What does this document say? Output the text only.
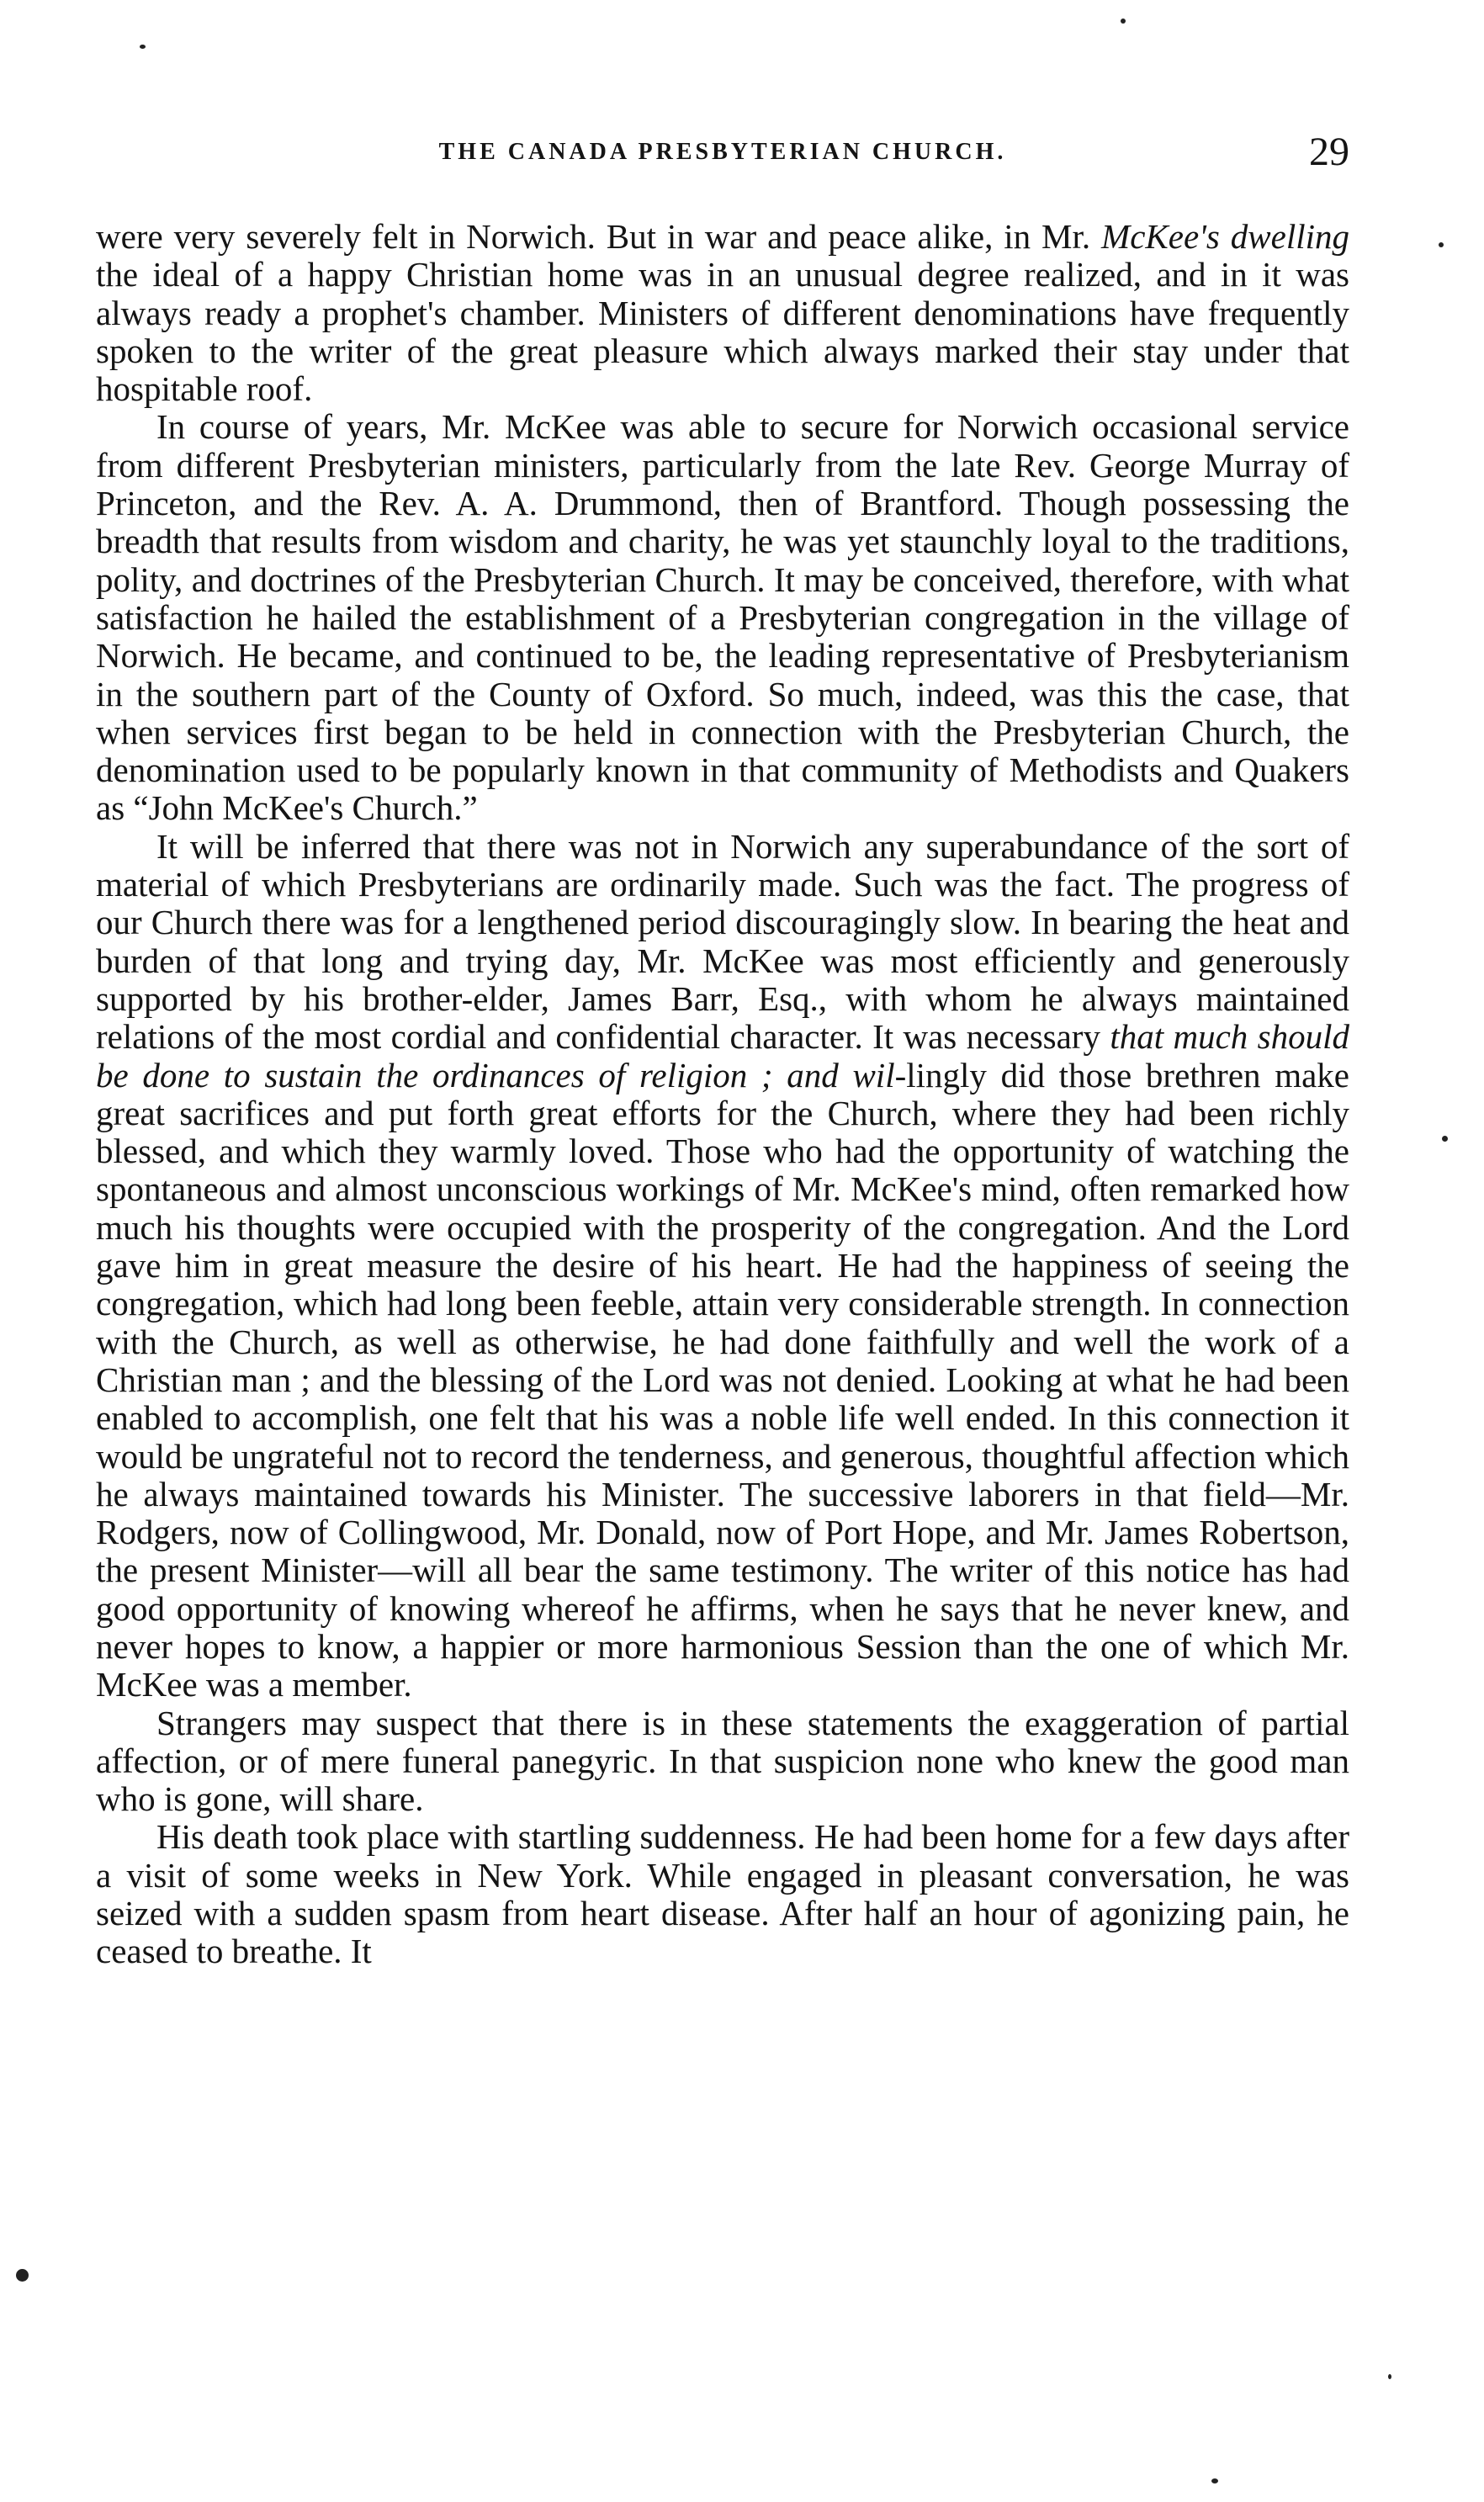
THE CANADA PRESBYTERIAN CHURCH.	29

were very severely felt in Norwich. But in war and peace alike, in Mr. McKee's dwelling the ideal of a happy Christian home was in an unusual degree realized, and in it was always ready a prophet's chamber. Ministers of different denominations have frequently spoken to the writer of the great pleasure which always marked their stay under that hospitable roof.

In course of years, Mr. McKee was able to secure for Norwich occasional service from different Presbyterian ministers, particularly from the late Rev. George Murray of Princeton, and the Rev. A. A. Drummond, then of Brantford. Though possessing the breadth that results from wisdom and charity, he was yet staunchly loyal to the traditions, polity, and doctrines of the Presbyterian Church. It may be conceived, therefore, with what satisfaction he hailed the establishment of a Presbyterian congregation in the village of Norwich. He became, and continued to be, the leading representative of Presbyterianism in the southern part of the County of Oxford. So much, indeed, was this the case, that when services first began to be held in connection with the Presbyterian Church, the denomination used to be popularly known in that community of Methodists and Quakers as “John McKee's Church.”

It will be inferred that there was not in Norwich any superabundance of the sort of material of which Presbyterians are ordinarily made. Such was the fact. The progress of our Church there was for a lengthened period discouragingly slow. In bearing the heat and burden of that long and trying day, Mr. McKee was most efficiently and generously supported by his brother-elder, James Barr, Esq., with whom he always maintained relations of the most cordial and confidential character. It was necessary that much should be done to sustain the ordinances of religion ; and wil-lingly did those brethren make great sacrifices and put forth great efforts for the Church, where they had been richly blessed, and which they warmly loved. Those who had the opportunity of watching the spontaneous and almost unconscious workings of Mr. McKee's mind, often remarked how much his thoughts were occupied with the prosperity of the congregation. And the Lord gave him in great measure the desire of his heart. He had the happiness of seeing the congregation, which had long been feeble, attain very considerable strength. In connection with the Church, as well as otherwise, he had done faithfully and well the work of a Christian man ; and the blessing of the Lord was not denied. Looking at what he had been enabled to accomplish, one felt that his was a noble life well ended. In this connection it would be ungrateful not to record the tenderness, and generous, thoughtful affection which he always maintained towards his Minister. The successive laborers in that field—Mr. Rodgers, now of Collingwood, Mr. Donald, now of Port Hope, and Mr. James Robertson, the present Minister—will all bear the same testimony. The writer of this notice has had good opportunity of knowing whereof he affirms, when he says that he never knew, and never hopes to know, a happier or more harmonious Session than the one of which Mr. McKee was a member.

Strangers may suspect that there is in these statements the exaggeration of partial affection, or of mere funeral panegyric. In that suspicion none who knew the good man who is gone, will share.

His death took place with startling suddenness. He had been home for a few days after a visit of some weeks in New York. While engaged in pleasant conversation, he was seized with a sudden spasm from heart disease. After half an hour of agonizing pain, he ceased to breathe. It
